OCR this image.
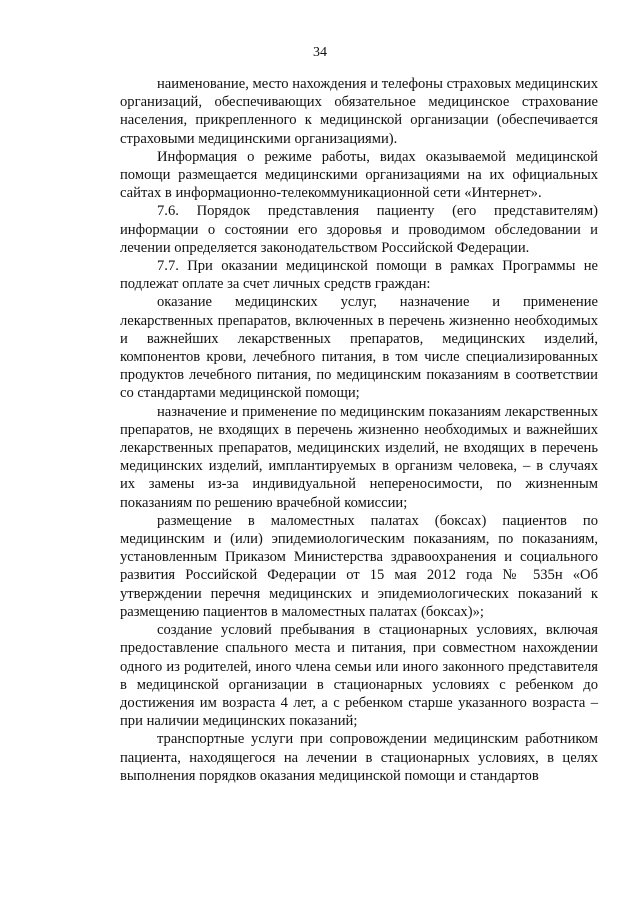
34

наименование, место нахождения и телефоны страховых медицинских организаций, обеспечивающих обязательное медицинское страхование населения, прикрепленного к медицинской организации (обеспечивается страховыми медицинскими организациями).

Информация о режиме работы, видах оказываемой медицинской помощи размещается медицинскими организациями на их официальных сайтах в информационно-телекоммуникационной сети «Интернет».

7.6. Порядок представления пациенту (его представителям) информации о состоянии его здоровья и проводимом обследовании и лечении определяется законодательством Российской Федерации.

7.7. При оказании медицинской помощи в рамках Программы не подлежат оплате за счет личных средств граждан:

оказание медицинских услуг, назначение и применение лекарственных препаратов, включенных в перечень жизненно необходимых и важнейших лекарственных препаратов, медицинских изделий, компонентов крови, лечебного питания, в том числе специализированных продуктов лечебного питания, по медицинским показаниям в соответствии со стандартами медицинской помощи;

назначение и применение по медицинским показаниям лекарственных препаратов, не входящих в перечень жизненно необходимых и важнейших лекарственных препаратов, медицинских изделий, не входящих в перечень медицинских изделий, имплантируемых в организм человека, – в случаях их замены из-за индивидуальной непереносимости, по жизненным показаниям по решению врачебной комиссии;

размещение в маломестных палатах (боксах) пациентов по медицинским и (или) эпидемиологическим показаниям, по показаниям, установленным Приказом Министерства здравоохранения и социального развития Российской Федерации от 15 мая 2012 года № 535н «Об утверждении перечня медицинских и эпидемиологических показаний к размещению пациентов в маломестных палатах (боксах)»;

создание условий пребывания в стационарных условиях, включая предоставление спального места и питания, при совместном нахождении одного из родителей, иного члена семьи или иного законного представителя в медицинской организации в стационарных условиях с ребенком до достижения им возраста 4 лет, а с ребенком старше указанного возраста – при наличии медицинских показаний;

транспортные услуги при сопровождении медицинским работником пациента, находящегося на лечении в стационарных условиях, в целях выполнения порядков оказания медицинской помощи и стандартов
